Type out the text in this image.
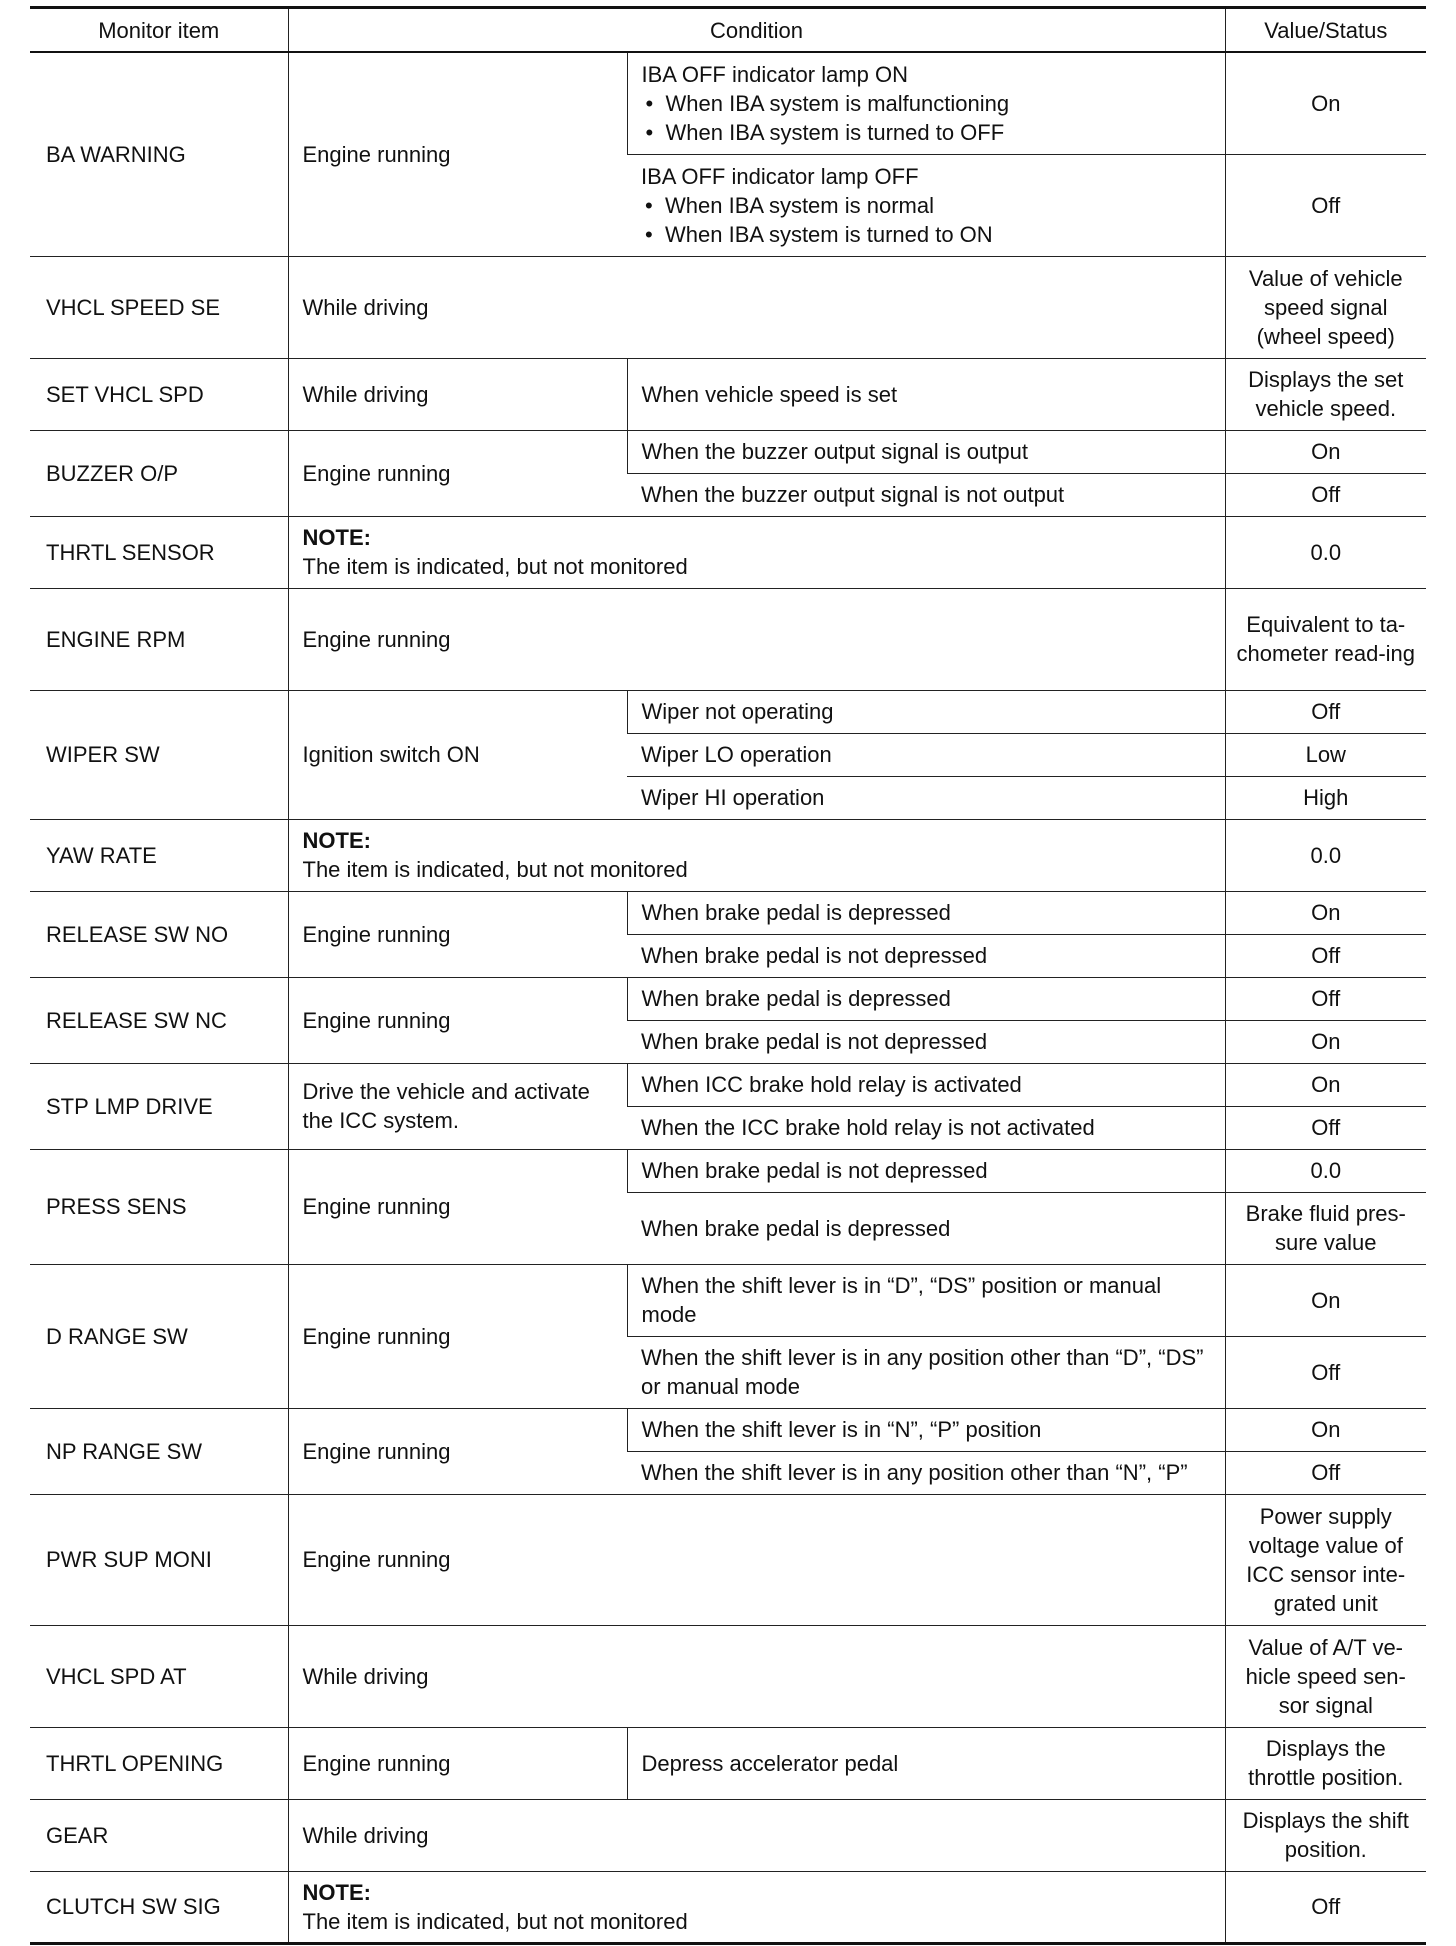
Monitor item	Condition		Value/Status
BA WARNING	Engine running	IBA OFF indicator lamp ON
• When IBA system is malfunctioning
• When IBA system is turned to OFF	On

		IBA OFF indicator lamp OFF
• When IBA system is normal
• When IBA system is turned to ON	Off
VHCL SPEED SE	While driving		Value of vehicle speed signal (wheel speed)
SET VHCL SPD	While driving	When vehicle speed is set	Displays the set vehicle speed.
BUZZER O/P	Engine running	When the buzzer output signal is output	On
		When the buzzer output signal is not output	Off
THRTL SENSOR	NOTE:
The item is indicated, but not monitored		0.0
ENGINE RPM	Engine running		Equivalent to ta-chometer read-ing
WIPER SW	Ignition switch ON	Wiper not operating	Off
		Wiper LO operation	Low
		Wiper HI operation	High
YAW RATE	NOTE:
The item is indicated, but not monitored		0.0
RELEASE SW NO	Engine running	When brake pedal is depressed	On
		When brake pedal is not depressed	Off
RELEASE SW NC	Engine running	When brake pedal is depressed	Off
		When brake pedal is not depressed	On
STP LMP DRIVE	Drive the vehicle and activate the ICC system.	When ICC brake hold relay is activated	On
		When the ICC brake hold relay is not activated	Off
PRESS SENS	Engine running	When brake pedal is not depressed	0.0
		When brake pedal is depressed	Brake fluid pres-sure value
D RANGE SW	Engine running	When the shift lever is in “D”, “DS” position or manual mode	On
		When the shift lever is in any position other than “D”, “DS” or manual mode	Off
NP RANGE SW	Engine running	When the shift lever is in “N”, “P” position	On
		When the shift lever is in any position other than “N”, “P”	Off
PWR SUP MONI	Engine running		Power supply voltage value of ICC sensor inte-grated unit
VHCL SPD AT	While driving		Value of A/T ve-hicle speed sen-sor signal
THRTL OPENING	Engine running	Depress accelerator pedal	Displays the throttle position.
GEAR	While driving		Displays the shift position.
CLUTCH SW SIG	NOTE:
The item is indicated, but not monitored		Off
